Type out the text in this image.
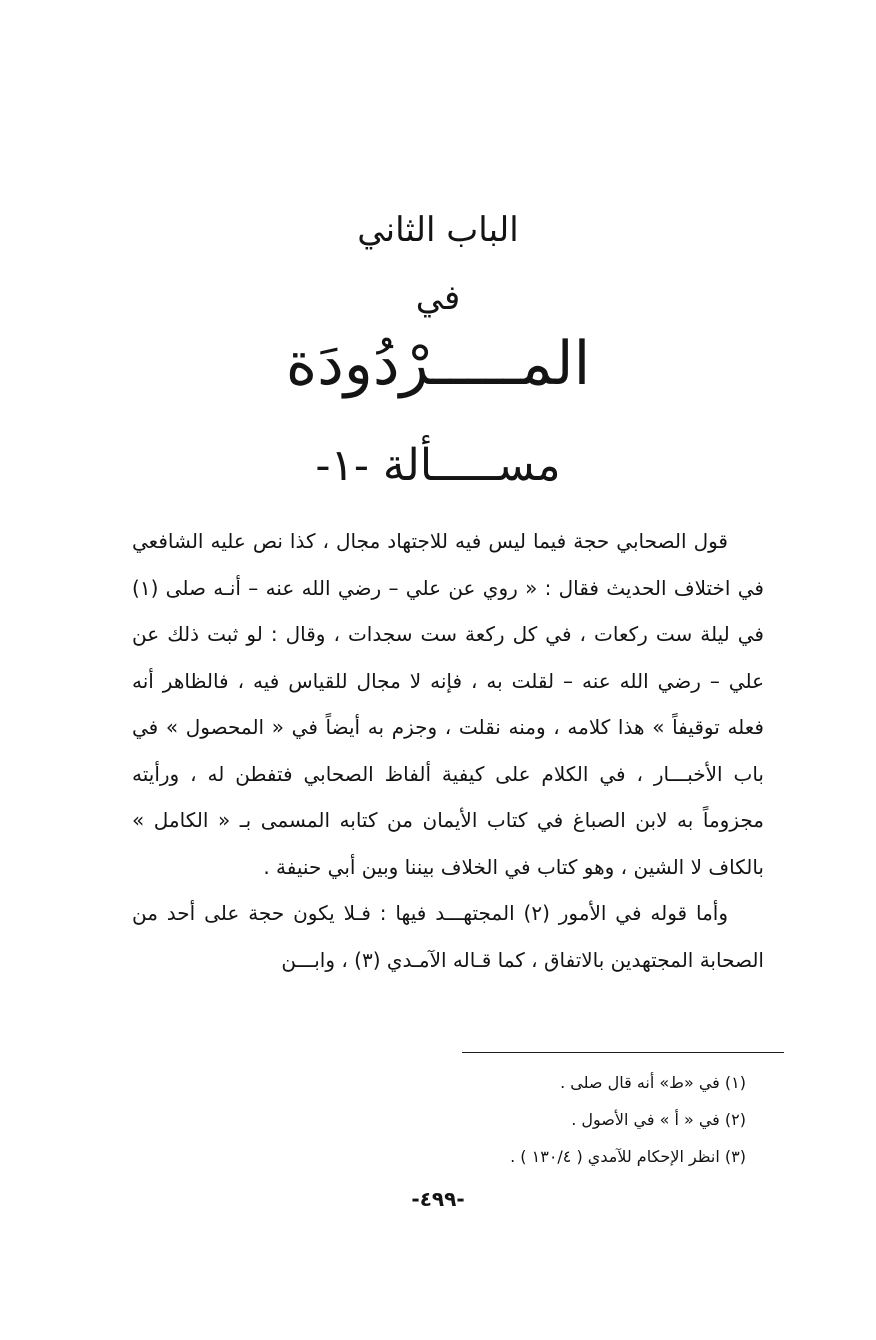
الباب الثاني
في
المـــــرْدُودَة
مســـــألة -١-

قول الصحابي حجة فيما ليس فيه للاجتهاد مجال ، كذا نص عليه الشافعي في اختلاف الحديث فقال : « روي عن علي – رضي الله عنه – أنـه صلى (١) في ليلة ست ركعات ، في كل ركعة ست سجدات ، وقال : لو ثبت ذلك عن علي – رضي الله عنه – لقلت به ، فإنه لا مجال للقياس فيه ، فالظاهر أنه فعله توقيفاً » هذا كلامه ، ومنه نقلت ، وجزم به أيضاً في « المحصول » في باب الأخبـــار ، في الكلام على كيفية ألفاظ الصحابي فتفطن له ، ورأيته مجزوماً به لابن الصباغ في كتاب الأيمان من كتابه المسمى بـ « الكامل » بالكاف لا الشين ، وهو كتاب في الخلاف بيننا وبين أبي حنيفة .

وأما قوله في الأمور (٢) المجتهـــد فيها : فـلا يكون حجة على أحد من الصحابة المجتهدين بالاتفاق ، كما قـاله الآمـدي (٣) ، وابـــن

(١) في «ط» أنه قال صلى .
(٢) في « أ » في الأصول .
(٣) انظر الإحكام للآمدي ( ١٣٠/٤ ) .
-٤٩٩-
